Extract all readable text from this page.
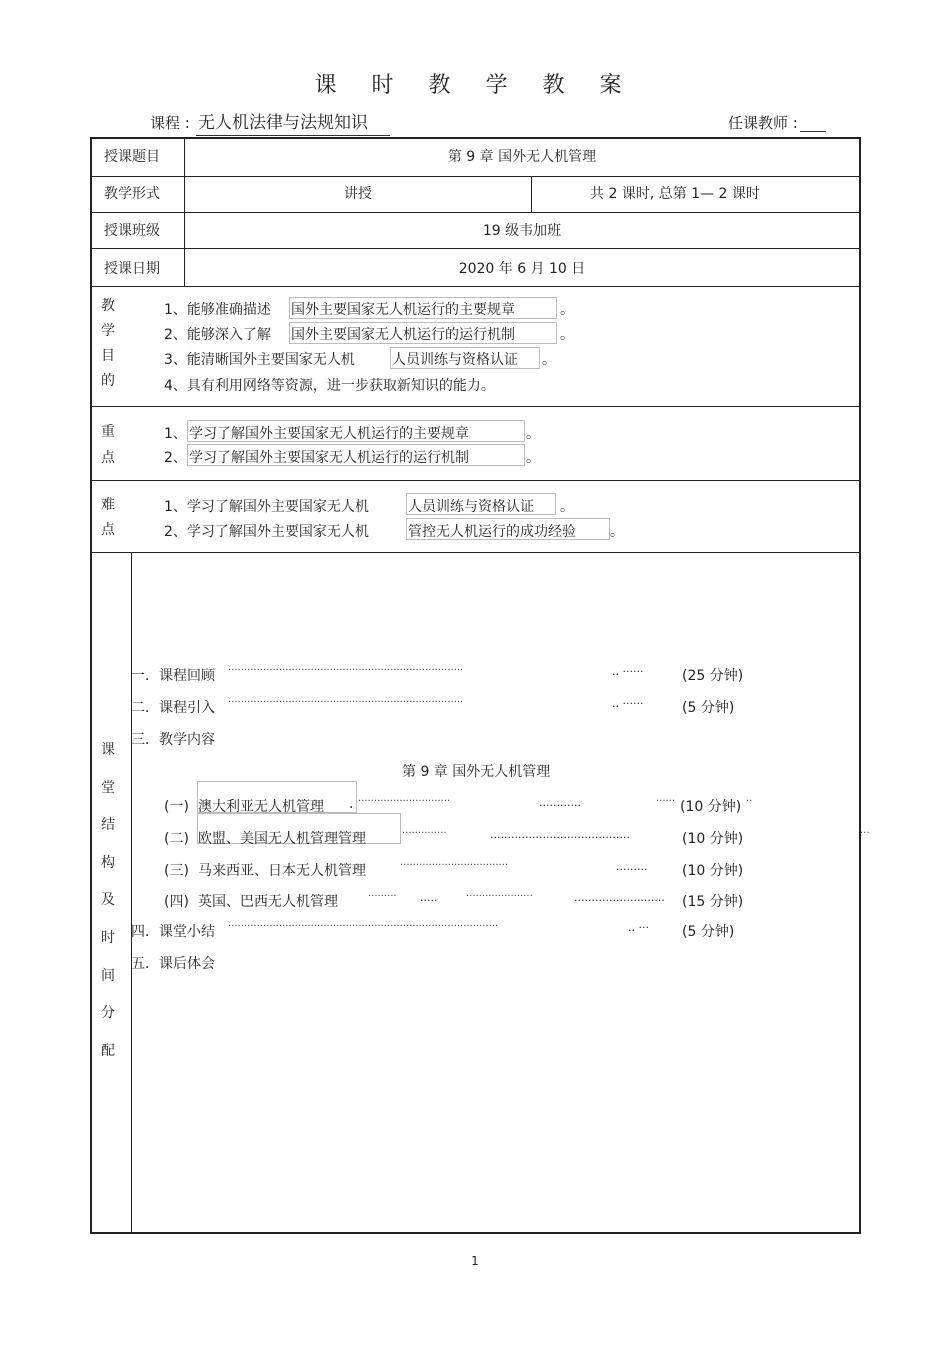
课 时 教 学 教 案
课程 : 无人机法律与法规知识	任课教师 :
授课题目	第 9 章 国外无人机管理
教学形式	讲授	共 2 课时, 总第 1— 2 课时
授课班级	19 级韦加班
授课日期	2020 年 6 月 10 日
教学目的
1、能够准确描述 国外主要国家无人机运行的主要规章	。
2、能够深入了解 国外主要国家无人机运行的运行机制	。
3、能清晰国外主要国家无人机	人员训练与资格认证 。
4、具有利用网络等资源，进一步获取新知识的能力。
重点
1、 学习了解国外主要国家无人机运行的主要规章	。
2、 学习了解国外主要国家无人机运行的运行机制	。
难点
1、学习了解国外主要国家无人机	人员训练与资格认证 。
2、学习了解国外主要国家无人机	管控无人机运行的成功经验 。
课堂结构及时间分配
一．课程回顾 ··········································································	.. ······	(25 分钟)
二．课程引入 ··········································································	.. ······	(5 分钟)
三．教学内容
第 9 章 国外无人机管理
(一) 澳大利亚无人机管理 . ·····························	............	······ (10 分钟) ··
(二) 欧盟、美国无人机管理管理	··············	........................................	(10 分钟)	···
(三) 马来西亚、日本无人机管理	··································	......... (10 分钟)
(四) 英国、巴西无人机管理	········· .....	·····················	.......................... (15 分钟)
四．课堂小结 ·····················································································	.. ··· (5 分钟)
五．课后体会
1
